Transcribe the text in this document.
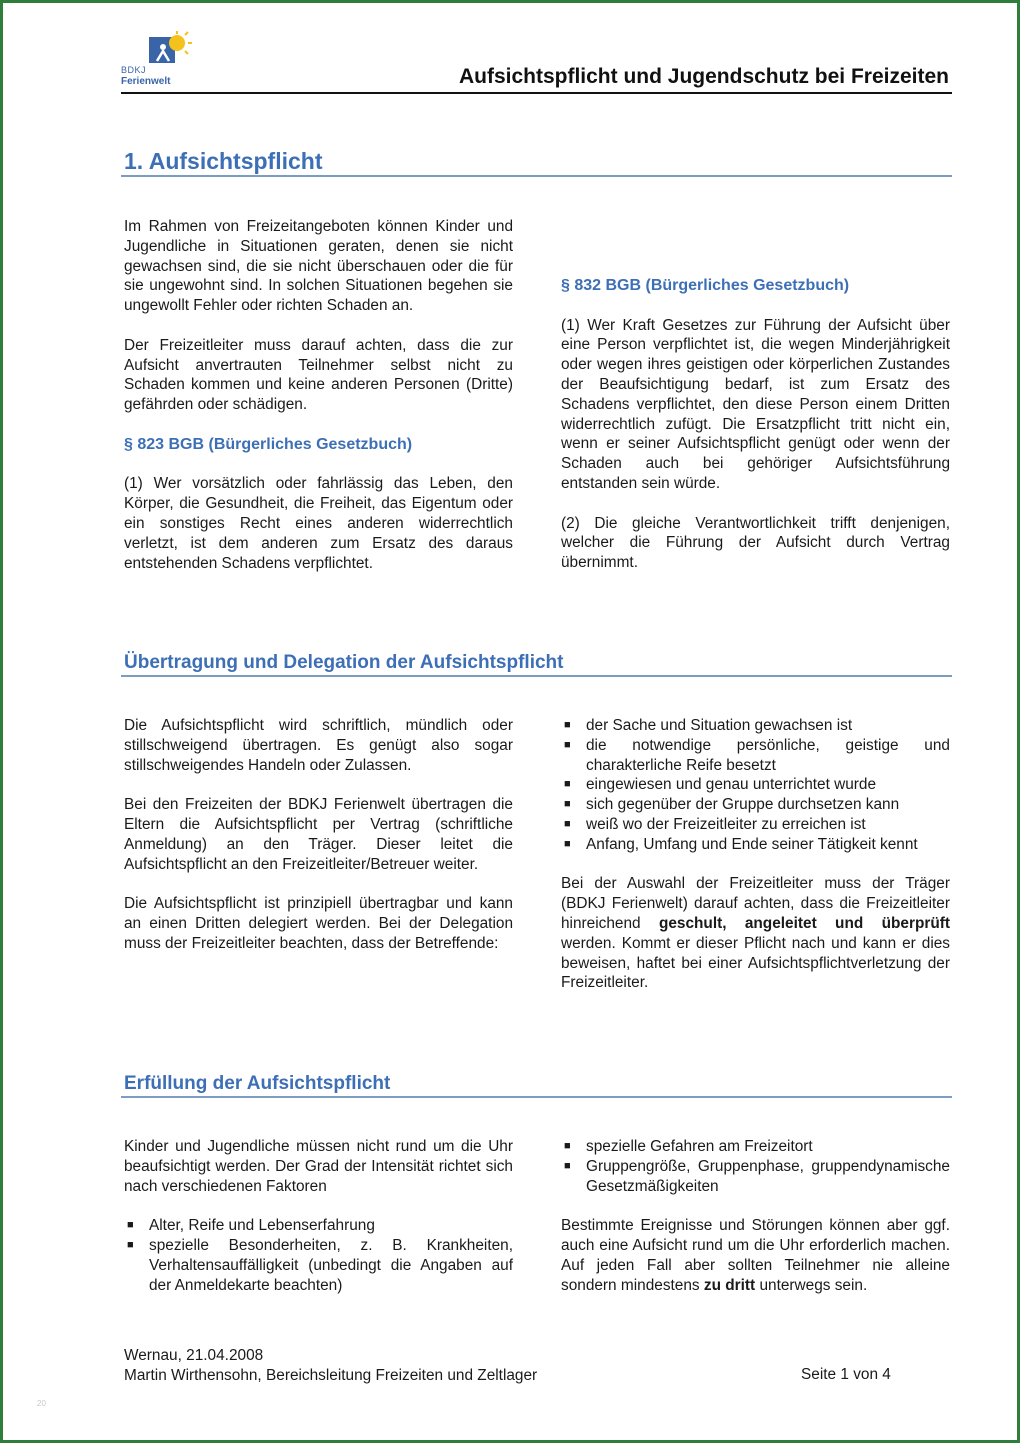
BDKJ
Ferienwelt	Aufsichtspflicht und Jugendschutz bei Freizeiten
1. Aufsichtspflicht

Im Rahmen von Freizeitangeboten können Kinder und Jugendliche in Situationen geraten, denen sie nicht gewachsen sind, die sie nicht überschauen oder die für sie ungewohnt sind. In solchen Situationen begehen sie ungewollt Fehler oder richten Schaden an.

Der Freizeitleiter muss darauf achten, dass die zur Aufsicht anvertrauten Teilnehmer selbst nicht zu Schaden kommen und keine anderen Personen (Dritte) gefährden oder schädigen.

§ 823 BGB (Bürgerliches Gesetzbuch)

(1) Wer vorsätzlich oder fahrlässig das Leben, den Körper, die Gesundheit, die Freiheit, das Eigentum oder ein sonstiges Recht eines anderen widerrechtlich verletzt, ist dem anderen zum Ersatz des daraus entstehenden Schadens verpflichtet.

§ 832 BGB (Bürgerliches Gesetzbuch)

(1) Wer Kraft Gesetzes zur Führung der Aufsicht über eine Person verpflichtet ist, die wegen Minderjährigkeit oder wegen ihres geistigen oder körperlichen Zustandes der Beaufsichtigung bedarf, ist zum Ersatz des Schadens verpflichtet, den diese Person einem Dritten widerrechtlich zufügt. Die Ersatzpflicht tritt nicht ein, wenn er seiner Aufsichtspflicht genügt oder wenn der Schaden auch bei gehöriger Aufsichtsführung entstanden sein würde.

(2) Die gleiche Verantwortlichkeit trifft denjenigen, welcher die Führung der Aufsicht durch Vertrag übernimmt.

Übertragung und Delegation der Aufsichtspflicht

Die Aufsichtspflicht wird schriftlich, mündlich oder stillschweigend übertragen. Es genügt also sogar stillschweigendes Handeln oder Zulassen.

Bei den Freizeiten der BDKJ Ferienwelt übertragen die Eltern die Aufsichtspflicht per Vertrag (schriftliche Anmeldung) an den Träger. Dieser leitet die Aufsichtspflicht an den Freizeitleiter/Betreuer weiter.

Die Aufsichtspflicht ist prinzipiell übertragbar und kann an einen Dritten delegiert werden. Bei der Delegation muss der Freizeitleiter beachten, dass der Betreffende:

■ der Sache und Situation gewachsen ist
■ die notwendige persönliche, geistige und charakterliche Reife besetzt
■ eingewiesen und genau unterrichtet wurde
■ sich gegenüber der Gruppe durchsetzen kann
■ weiß wo der Freizeitleiter zu erreichen ist
■ Anfang, Umfang und Ende seiner Tätigkeit kennt

Bei der Auswahl der Freizeitleiter muss der Träger (BDKJ Ferienwelt) darauf achten, dass die Freizeitleiter hinreichend geschult, angeleitet und überprüft werden. Kommt er dieser Pflicht nach und kann er dies beweisen, haftet bei einer Aufsichtspflichtverletzung der Freizeitleiter.

Erfüllung der Aufsichtspflicht

Kinder und Jugendliche müssen nicht rund um die Uhr beaufsichtigt werden. Der Grad der Intensität richtet sich nach verschiedenen Faktoren

■ Alter, Reife und Lebenserfahrung
■ spezielle Besonderheiten, z. B. Krankheiten, Verhaltensauffälligkeit (unbedingt die Angaben auf der Anmeldekarte beachten)
■ spezielle Gefahren am Freizeitort
■ Gruppengröße, Gruppenphase, gruppendynamische Gesetzmäßigkeiten

Bestimmte Ereignisse und Störungen können aber ggf. auch eine Aufsicht rund um die Uhr erforderlich machen. Auf jeden Fall aber sollten Teilnehmer nie alleine sondern mindestens zu dritt unterwegs sein.

Wernau, 21.04.2008
Martin Wirthensohn, Bereichsleitung Freizeiten und Zeltlager	Seite 1 von 4
20
